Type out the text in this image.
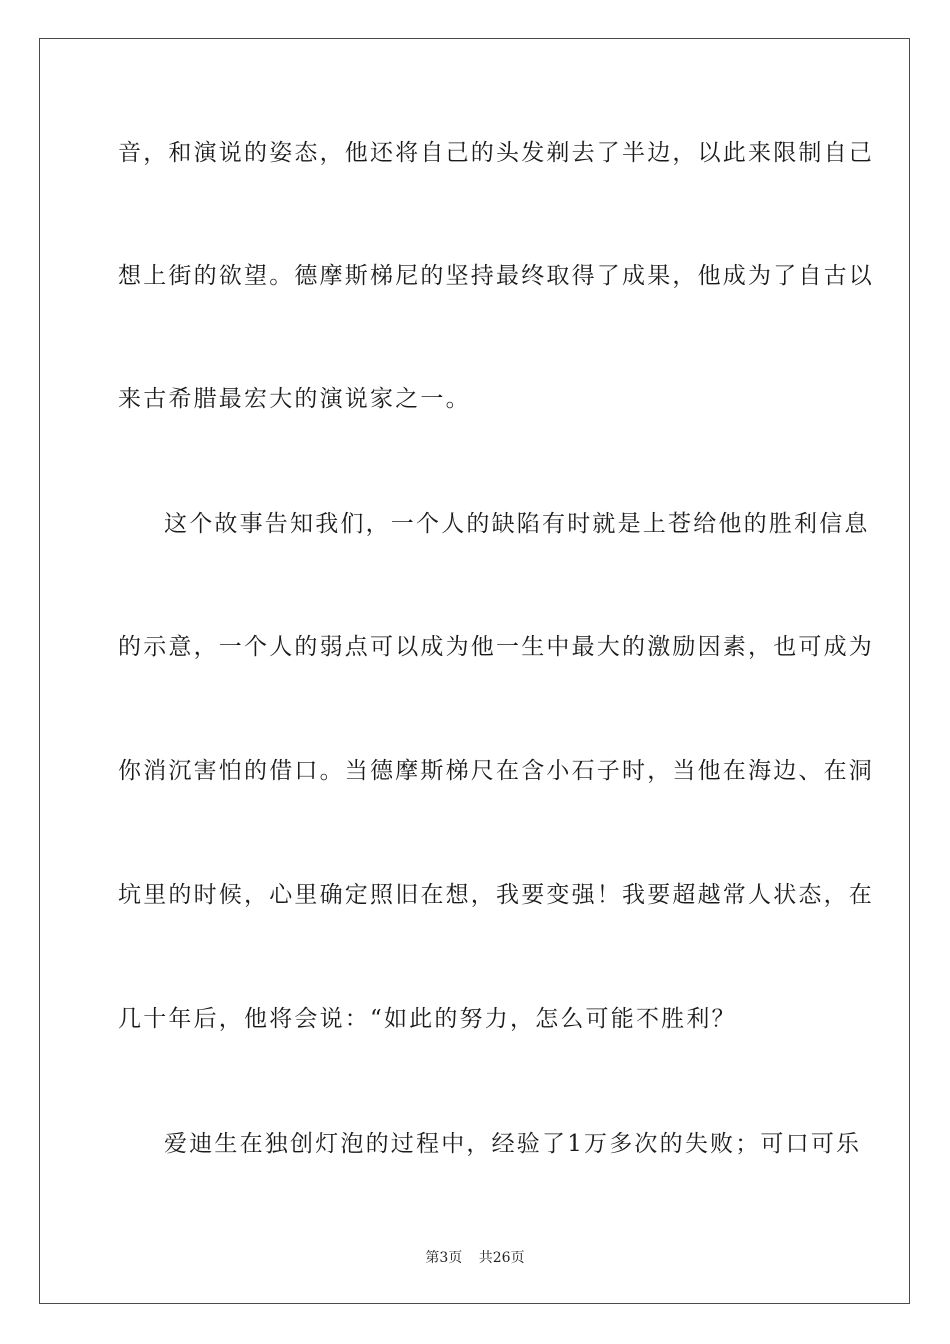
音，和演说的姿态，他还将自己的头发剃去了半边，以此来限制自己
想上街的欲望。德摩斯梯尼的坚持最终取得了成果，他成为了自古以
来古希腊最宏大的演说家之一。
这个故事告知我们，一个人的缺陷有时就是上苍给他的胜利信息
的示意，一个人的弱点可以成为他一生中最大的激励因素，也可成为
你消沉害怕的借口。当德摩斯梯尺在含小石子时，当他在海边、在洞
坑里的时候，心里确定照旧在想，我要变强！我要超越常人状态，在
几十年后，他将会说：“如此的努力，怎么可能不胜利？
爱迪生在独创灯泡的过程中，经验了1万多次的失败；可口可乐
第3页 共26页
